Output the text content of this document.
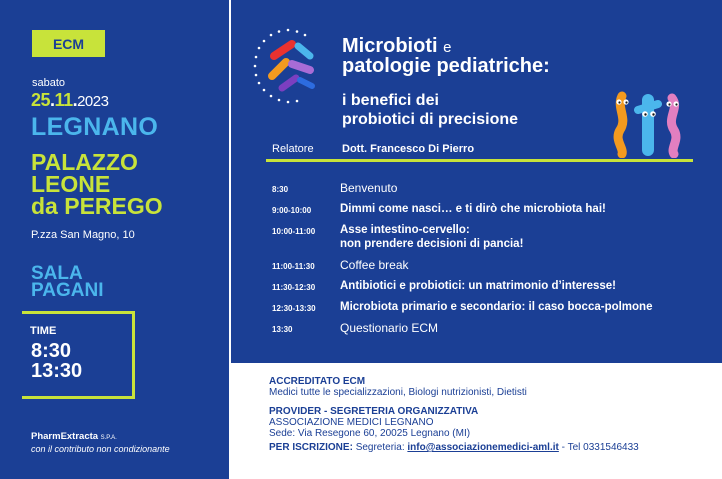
ECM
sabato
25.11.2023
LEGNANO
PALAZZO
LEONE
da PEREGO
P.zza San Magno, 10
SALA
PAGANI
TIME
8:30
13:30
PharmExtracta S.P.A.
con il contributo non condizionante
Microbioti e
patologie pediatriche:
i benefici dei
probiotici di precisione
Relatore	Dott. Francesco Di Pierro
8:30	Benvenuto
9:00-10:00	Dimmi come nasci… e ti dirò che microbiota hai!
10:00-11:00 Asse intestino-cervello:
non prendere decisioni di pancia!
11:00-11:30 Coffee break
11:30-12:30 Antibiotici e probiotici: un matrimonio d’interesse!
12:30-13:30 Microbiota primario e secondario: il caso bocca-polmone
13:30	Questionario ECM
ACCREDITATO ECM
Medici tutte le specializzazioni, Biologi nutrizionisti, Dietisti
PROVIDER - SEGRETERIA ORGANIZZATIVA
ASSOCIAZIONE MEDICI LEGNANO
Sede: Via Resegone 60, 20025 Legnano (MI)
PER ISCRIZIONE: Segreteria: info@associazionemedici-aml.it - Tel 0331546433
